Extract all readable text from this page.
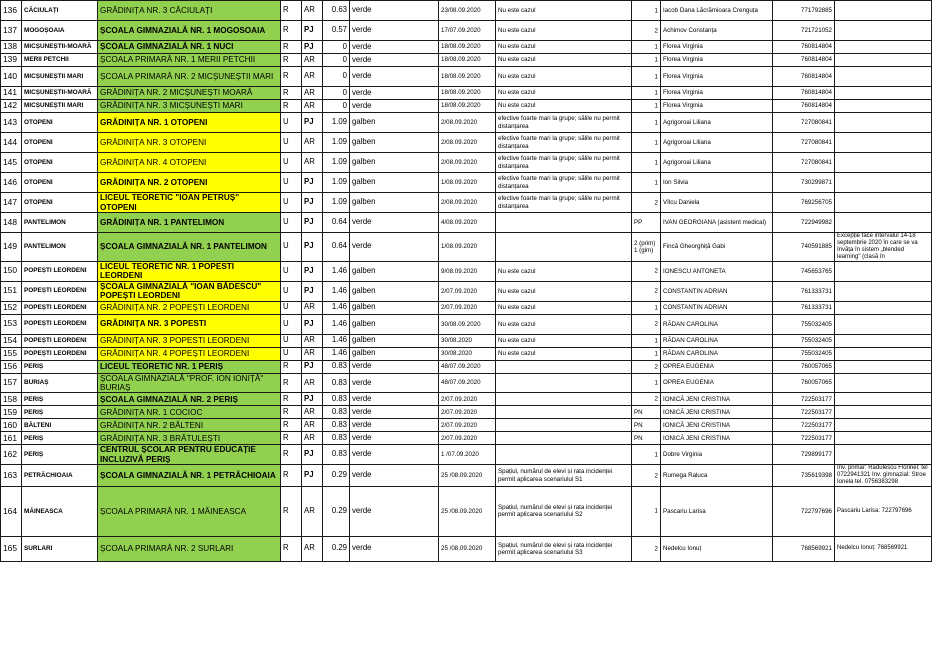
136	CĂCIULAȚI	GRĂDINIȚA NR. 3 CĂCIULAȚI	R	AR	0.63	verde	23/08.09.2020	Nu este cazul	1	Iacob Dana Lăcrămioara Crenguța	771792885	
137	MOGOȘOAIA	ȘCOALA GIMNAZIALĂ NR. 1 MOGOSOAIA	R	PJ	0.57	verde	17/07.09.2020	Nu este cazul	2	Achimov Constanța	721721052	
138	MICȘUNEȘTII-MOARĂ	ȘCOALA GIMNAZIALĂ NR. 1 NUCI	R	PJ	0	verde	18/08.09.2020	Nu este cazul	1	Florea Virginia	760814804	
139	MERII PETCHII	ȘCOALA PRIMARĂ NR. 1 MERII PETCHII	R	AR	0	verde	18/08.09.2020	Nu este cazul	1	Florea Virginia	760814804	
140	MICȘUNEȘTII MARI	ȘCOALA PRIMARĂ NR. 2 MICȘUNEȘTII MARI	R	AR	0	verde	18/08.09.2020	Nu este cazul	1	Florea Virginia	760814804	
141	MICȘUNEȘTII-MOARĂ	GRĂDINIȚA NR. 2 MICȘUNEȘTI MOARĂ	R	AR	0	verde	18/08.09.2020	Nu este cazul	1	Florea Virginia	760814804	
142	MICȘUNEȘTII MARI	GRĂDINIȚA NR. 3 MICȘUNEȘTI MARI	R	AR	0	verde	18/08.09.2020	Nu este cazul	1	Florea Virginia	760814804	
143	OTOPENI	GRĂDINIȚA NR. 1 OTOPENI	U	PJ	1.09	galben	2/08.09.2020	efective foarte mari la grupe; sălile nu permit distanțarea	1	Agrigoroai Liliana	727080841	
144	OTOPENI	GRĂDINIȚA NR. 3 OTOPENI	U	AR	1.09	galben	2/08.09.2020	efective foarte mari la grupe; sălile nu permit distanțarea	1	Agrigoroai Liliana	727080841	
145	OTOPENI	GRĂDINIȚA NR. 4 OTOPENI	U	AR	1.09	galben	2/08.09.2020	efective foarte mari la grupe; sălile nu permit distanțarea	1	Agrigoroai Liliana	727080841	
146	OTOPENI	GRĂDINIȚA NR. 2 OTOPENI	U	PJ	1.09	galben	1/08.09.2020	efective foarte mari la grupe; sălile nu permit distanțarea	1	Ion Silvia	730299871	
147	OTOPENI	LICEUL TEORETIC "IOAN PETRUȘ" OTOPENI	U	PJ	1.09	galben	2/08.09.2020	efective foarte mari la grupe; sălile nu permit distanțarea	2	Vîlcu Daniela	769256705	
148	PANTELIMON	GRĂDINIȚA NR. 1 PANTELIMON	U	PJ	0.64	verde	4/08.09.2020		PP	IVAN GEORGIANA (asistent medical)	722949982	
149	PANTELIMON	ȘCOALA GIMNAZIALĂ NR. 1 PANTELIMON	U	PJ	0.64	verde	1/08.09.2020		2 (prim) 1 (gim)	Fincă Gheorghiță Gabi	740591885	Excepție face intervalul 14-18 septembrie 2020 în care se va învăța în sistem „blended learning" (clasă în
150	POPEȘTI LEORDENI	LICEUL TEORETIC NR. 1 POPESTI LEORDENI	U	PJ	1.46	galben	9/08.09.2020	Nu este cazul	2	IONESCU ANTONETA	745653765	
151	POPEȘTI LEORDENI	ȘCOALA GIMNAZIALĂ "IOAN BĂDESCU" POPEȘTI LEORDENI	U	PJ	1.46	galben	2/07.09.2020	Nu este cazul	2	CONSTANTIN ADRIAN	761333731	
152	POPEȘTI LEORDENI	GRĂDINIȚA NR. 2 POPEȘTI LEORDENI	U	AR	1.46	galben	2/07.09.2020	Nu este cazul	1	CONSTANTIN ADRIAN	761333731	
153	POPEȘTI LEORDENI	GRĂDINIȚA NR. 3 POPESTI	U	PJ	1.46	galben	30/08.09.2020	Nu este cazul	2	RĂDAN CAROLINA	755032405	
154	POPEȘTI LEORDENI	GRĂDINIȚA NR. 3 POPESTI LEORDENI	U	AR	1.46	galben	30/08.2020	Nu este cazul	1	RĂDAN CAROLINA	755032405	
155	POPEȘTI LEORDENI	GRĂDINIȚA NR. 4 POPEȘTI LEORDENI	U	AR	1.46	galben	30/08.2020	Nu este cazul	1	RĂDAN CAROLINA	755032405	
156	PERIȘ	LICEUL TEORETIC NR. 1 PERIȘ	R	PJ	0.83	verde	48/07.09.2020		2	OPREA EUGENIA	760057065	
157	BURIAȘ	ȘCOALA GIMNAZIALĂ "PROF. ION IONIȚĂ" BURIAȘ	R	AR	0.83	verde	48/07.09.2020		1	OPREA EUGENIA	760057065	
158	PERIȘ	ȘCOALA GIMNAZIALĂ NR. 2 PERIȘ	R	PJ	0.83	verde	2/07.09.2020		2	IONICĂ JENI CRISTINA	722503177	
159	PERIȘ	GRĂDINIȚA NR. 1 COCIOC	R	AR	0.83	verde	2/07.09.2020		PN	IONICĂ JENI CRISTINA	722503177	
160	BĂLTENI	GRĂDINIȚA NR. 2 BĂLTENI	R	AR	0.83	verde	2/07.09.2020		PN	IONICĂ JENI CRISTINA	722503177	
161	PERIȘ	GRĂDINIȚA NR. 3 BRĂTULEȘTI	R	AR	0.83	verde	2/07.09.2020		PN	IONICĂ JENI CRISTINA	722503177	
162	PERIȘ	CENTRUL ȘCOLAR PENTRU EDUCAȚIE INCLUZIVĂ PERIȘ	R	PJ	0.83	verde	1 /07.09.2020		1	Dobre Virginia	729899177	
163	PETRĂCHIOAIA	ȘCOALA GIMNAZIALĂ NR. 1 PETRĂCHIOAIA	R	PJ	0.29	verde	25 /08.09.2020	Spațiul, numărul de elevi și rata incidenței permit aplicarea scenariului S1	2	Rumega Raluca	735619398	Inv. primar: Rădulescu Florinel: tel 0722941321 Inv. gimnazial: Stroe Ionela tel. 0756383298
164	MĂINEASCA	ȘCOALA PRIMARĂ NR. 1 MĂINEASCA	R	AR	0.29	verde	25 /08.09.2020	Spațiul, numărul de elevi și rata incidenței permit aplicarea scenariului S2	1	Pascariu Larisa	722797696	Pascariu Larisa: 722797696
165	SURLARI	ȘCOALA PRIMARĂ NR. 2 SURLARI	R	AR	0.29	verde	25 /08.09.2020	Spațiul, numărul de elevi și rata incidenței permit aplicarea scenariului S3	2	Nedelcu Ionuț	768569921	Nedelcu Ionuț: 768569921
